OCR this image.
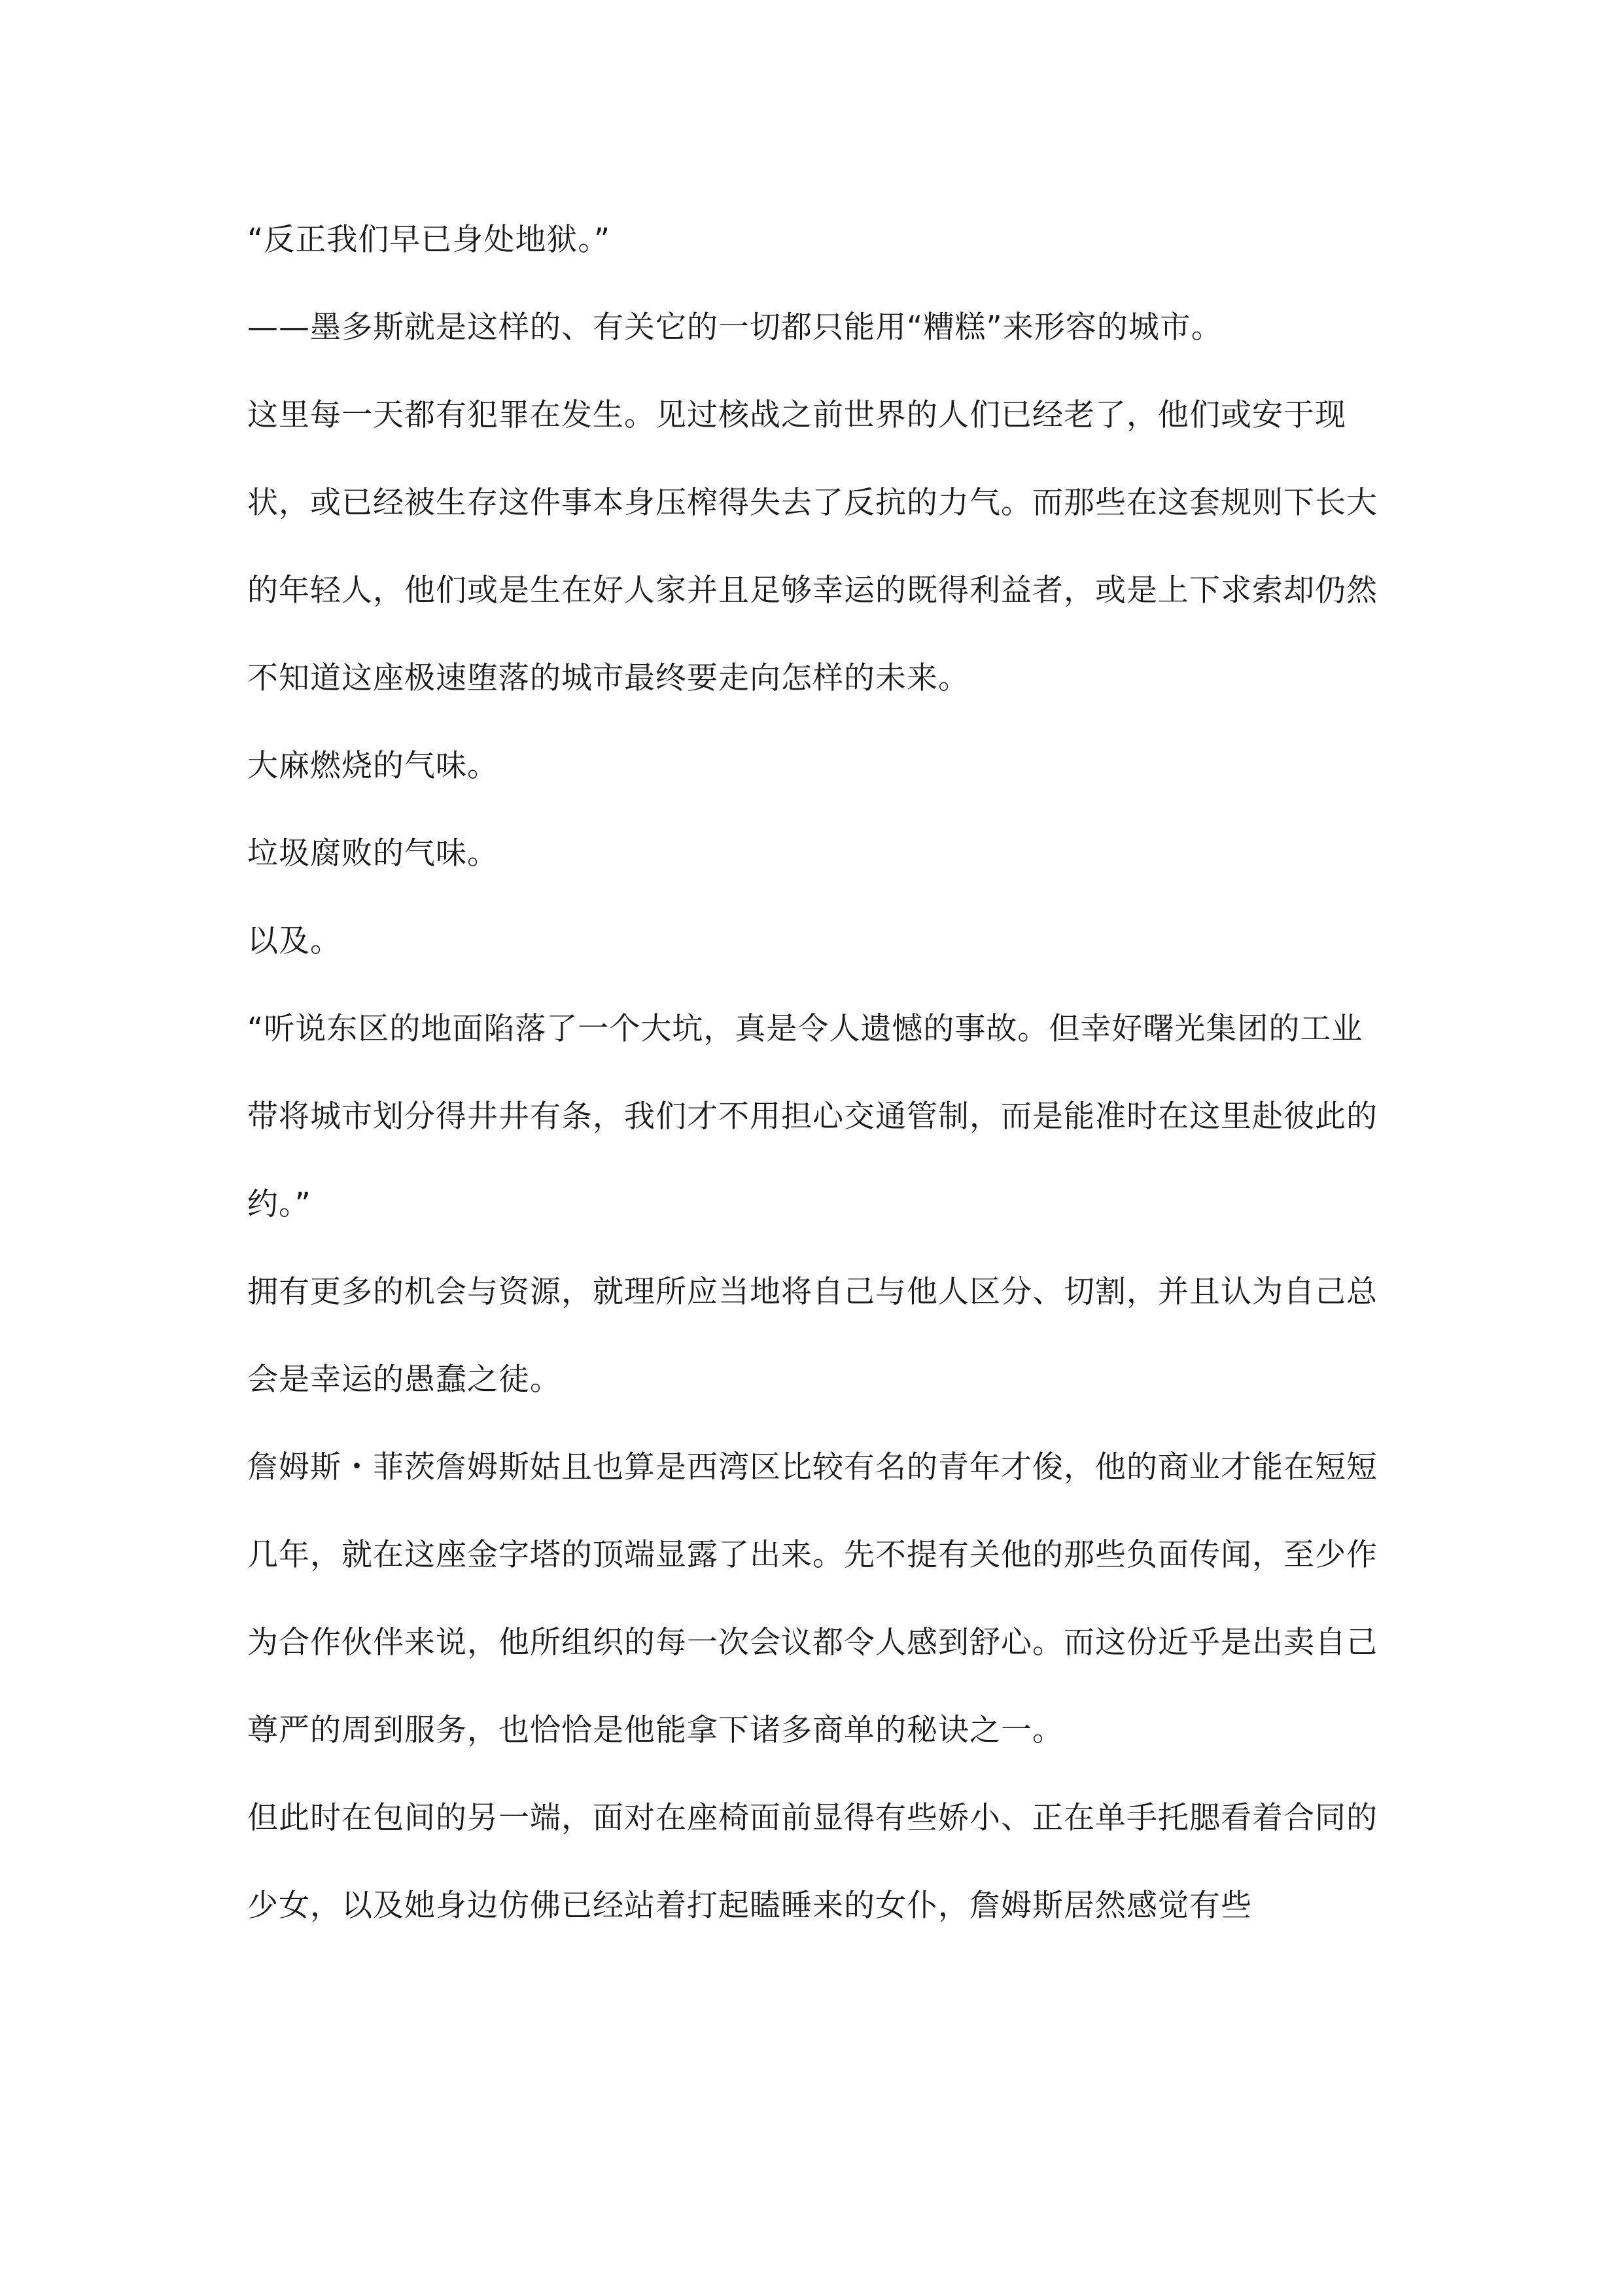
“反正我们早已身处地狱。”

——墨多斯就是这样的、有关它的一切都只能用“糟糕”来形容的城市。

这里每一天都有犯罪在发生。见过核战之前世界的人们已经老了，他们或安于现状，或已经被生存这件事本身压榨得失去了反抗的力气。而那些在这套规则下长大的年轻人，他们或是生在好人家并且足够幸运的既得利益者，或是上下求索却仍然不知道这座极速堕落的城市最终要走向怎样的未来。

大麻燃烧的气味。

垃圾腐败的气味。

以及。

“听说东区的地面陷落了一个大坑，真是令人遗憾的事故。但幸好曙光集团的工业带将城市划分得井井有条，我们才不用担心交通管制，而是能准时在这里赴彼此的约。”

拥有更多的机会与资源，就理所应当地将自己与他人区分、切割，并且认为自己总会是幸运的愚蠢之徒。

詹姆斯・菲茨詹姆斯姑且也算是西湾区比较有名的青年才俊，他的商业才能在短短几年，就在这座金字塔的顶端显露了出来。先不提有关他的那些负面传闻，至少作为合作伙伴来说，他所组织的每一次会议都令人感到舒心。而这份近乎是出卖自己尊严的周到服务，也恰恰是他能拿下诸多商单的秘诀之一。

但此时在包间的另一端，面对在座椅面前显得有些娇小、正在单手托腮看着合同的少女，以及她身边仿佛已经站着打起瞌睡来的女仆，詹姆斯居然感觉有些
